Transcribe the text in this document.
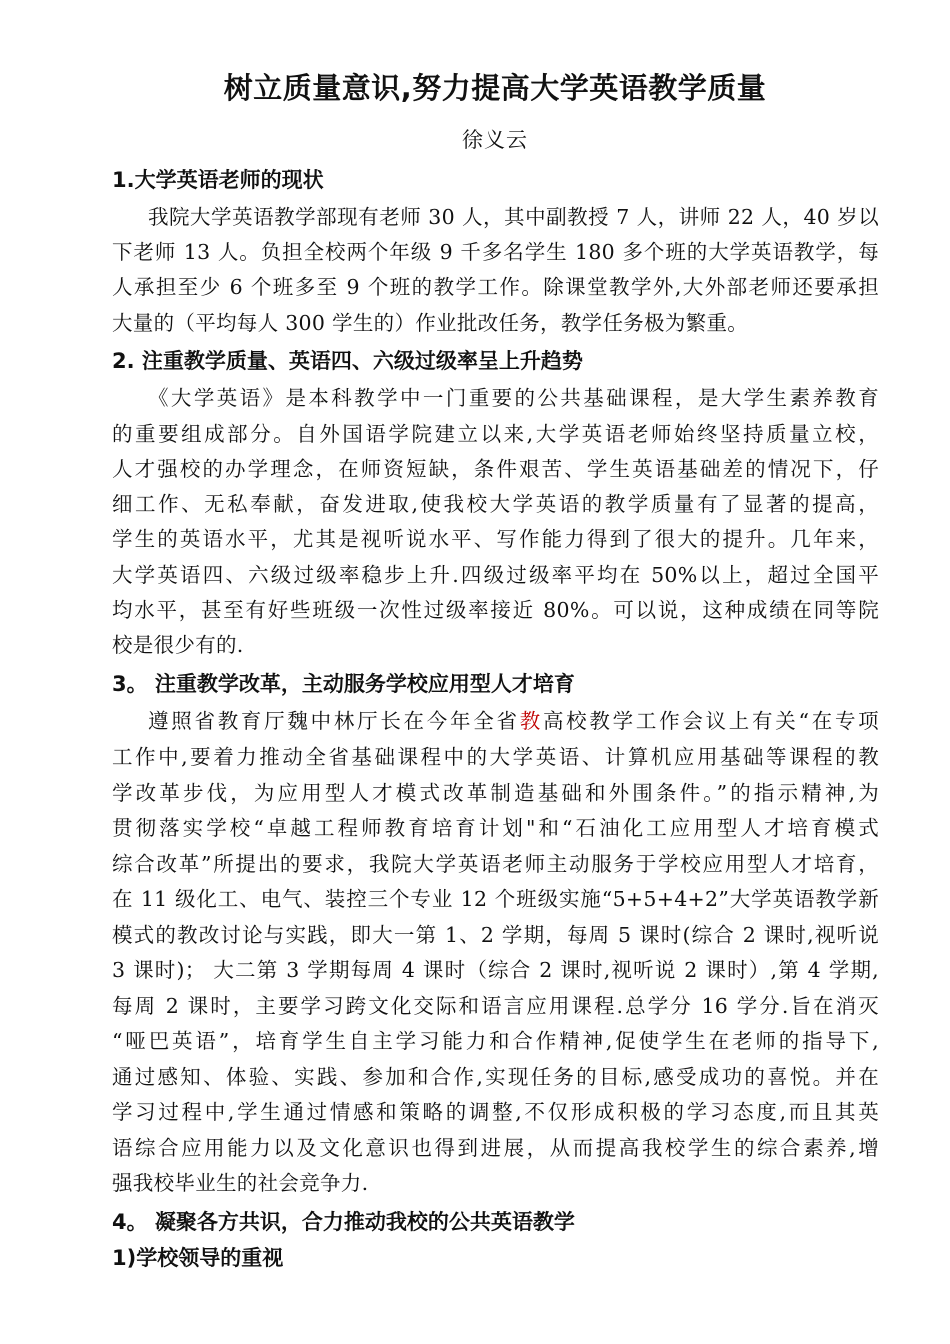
树立质量意识,努力提高大学英语教学质量
徐义云
1.大学英语老师的现状
我院大学英语教学部现有老师 30 人，其中副教授 7 人，讲师 22 人，40 岁以
下老师 13 人。负担全校两个年级 9 千多名学生 180 多个班的大学英语教学，每
人承担至少 6 个班多至 9 个班的教学工作。除课堂教学外,大外部老师还要承担
大量的（平均每人 300 学生的）作业批改任务，教学任务极为繁重。
2. 注重教学质量、英语四、六级过级率呈上升趋势
《大学英语》是本科教学中一门重要的公共基础课程，是大学生素养教育
的重要组成部分。自外国语学院建立以来,大学英语老师始终坚持质量立校，
人才强校的办学理念，在师资短缺，条件艰苦、学生英语基础差的情况下，仔
细工作、无私奉献，奋发进取,使我校大学英语的教学质量有了显著的提高，
学生的英语水平，尤其是视听说水平、写作能力得到了很大的提升。几年来，
大学英语四、六级过级率稳步上升.四级过级率平均在 50%以上，超过全国平
均水平，甚至有好些班级一次性过级率接近 80%。可以说，这种成绩在同等院
校是很少有的.
3。 注重教学改革，主动服务学校应用型人才培育
遵照省教育厅魏中林厅长在今年全省教高校教学工作会议上有关“在专项
工作中,要着力推动全省基础课程中的大学英语、计算机应用基础等课程的教
学改革步伐，为应用型人才模式改革制造基础和外围条件。”的指示精神,为
贯彻落实学校“卓越工程师教育培育计划"和“石油化工应用型人才培育模式
综合改革”所提出的要求，我院大学英语老师主动服务于学校应用型人才培育，
在 11 级化工、电气、装控三个专业 12 个班级实施“5+5+4+2”大学英语教学新
模式的教改讨论与实践，即大一第 1、2 学期，每周 5 课时(综合 2 课时,视听说
3 课时)； 大二第 3 学期每周 4 课时（综合 2 课时,视听说 2 课时）,第 4 学期,
每周 2 课时，主要学习跨文化交际和语言应用课程.总学分 16 学分.旨在消灭
“哑巴英语”，培育学生自主学习能力和合作精神,促使学生在老师的指导下,
通过感知、体验、实践、参加和合作,实现任务的目标,感受成功的喜悦。并在
学习过程中,学生通过情感和策略的调整,不仅形成积极的学习态度,而且其英
语综合应用能力以及文化意识也得到进展，从而提高我校学生的综合素养,增
强我校毕业生的社会竞争力.
4。 凝聚各方共识，合力推动我校的公共英语教学
1)学校领导的重视
